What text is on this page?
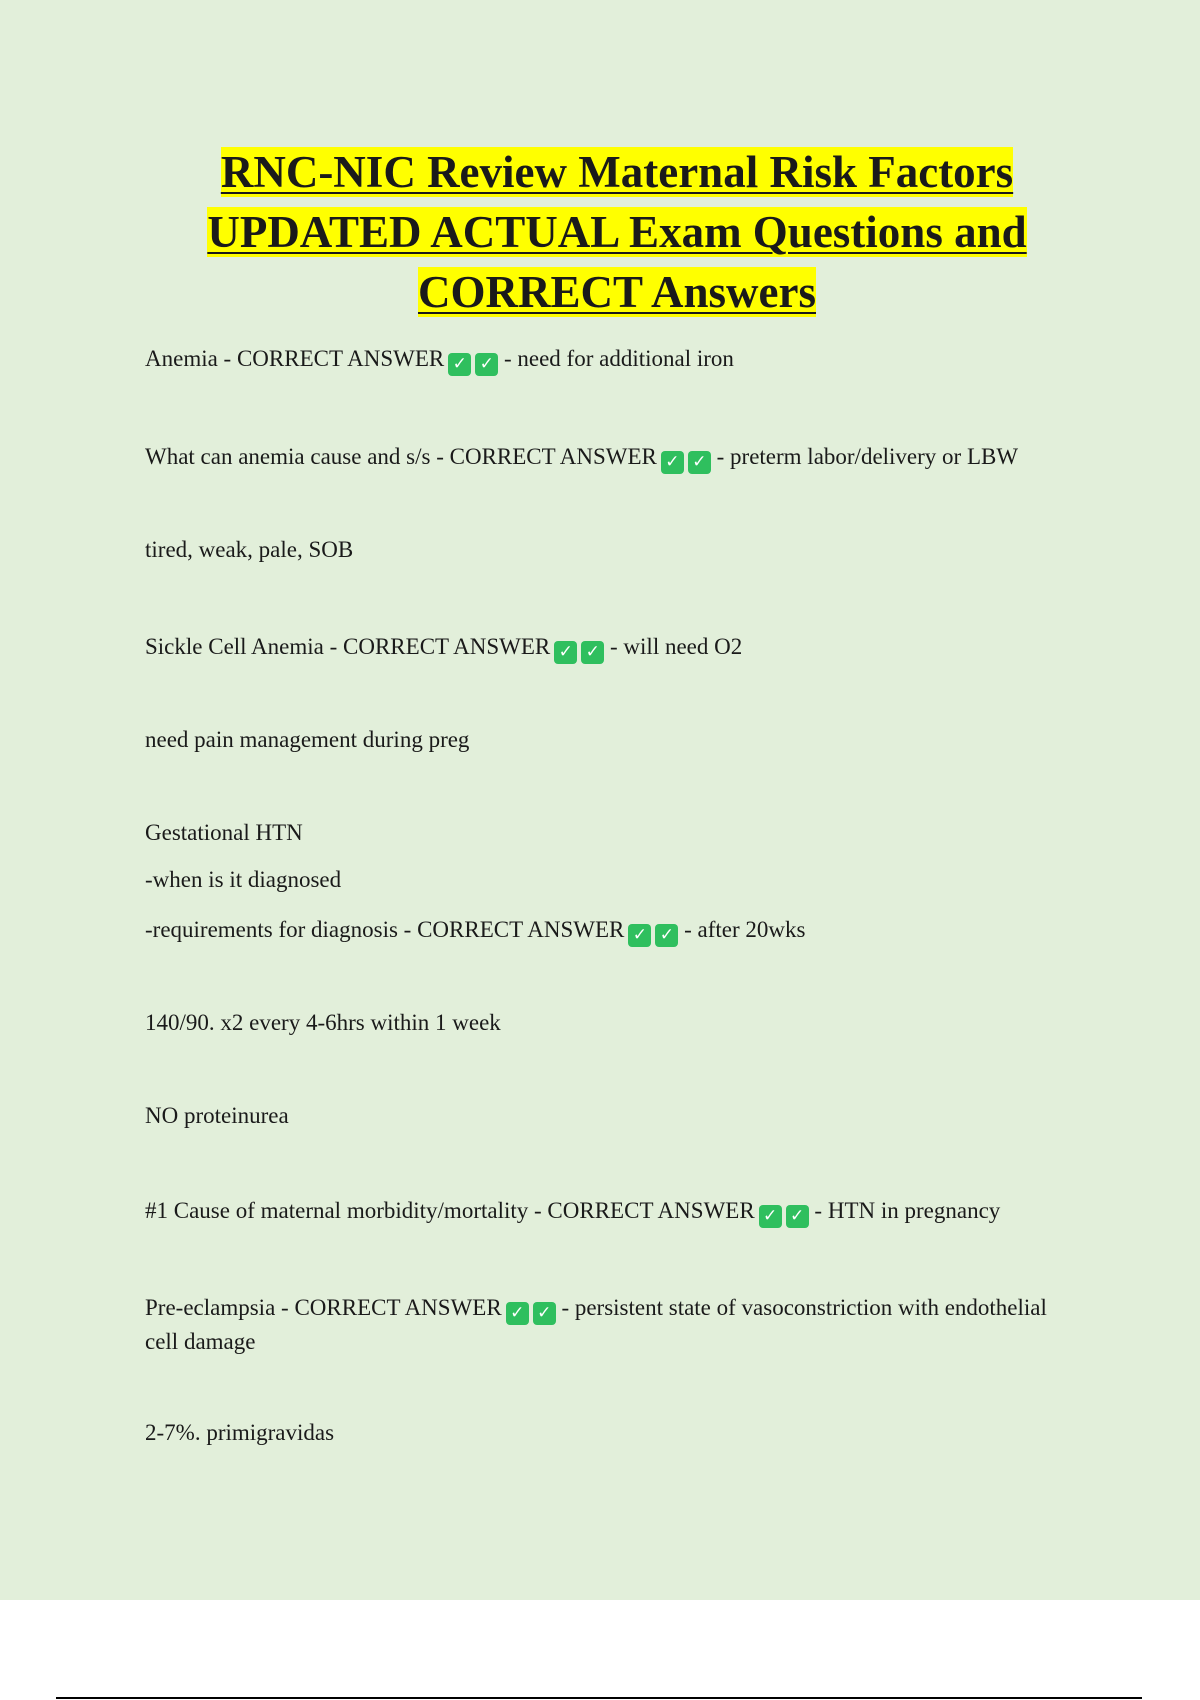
RNC-NIC Review Maternal Risk Factors
UPDATED ACTUAL Exam Questions and
CORRECT Answers

Anemia - CORRECT ANSWER ✓ ✓ - need for additional iron

What can anemia cause and s/s - CORRECT ANSWER ✓ ✓ - preterm labor/delivery or LBW

tired, weak, pale, SOB

Sickle Cell Anemia - CORRECT ANSWER ✓ ✓ - will need O2

need pain management during preg

Gestational HTN

-when is it diagnosed

-requirements for diagnosis - CORRECT ANSWER ✓ ✓ - after 20wks

140/90. x2 every 4-6hrs within 1 week

NO proteinurea

#1 Cause of maternal morbidity/mortality - CORRECT ANSWER ✓ ✓ - HTN in pregnancy

Pre-eclampsia - CORRECT ANSWER ✓ ✓ - persistent state of vasoconstriction with endothelial cell damage

2-7%. primigravidas
